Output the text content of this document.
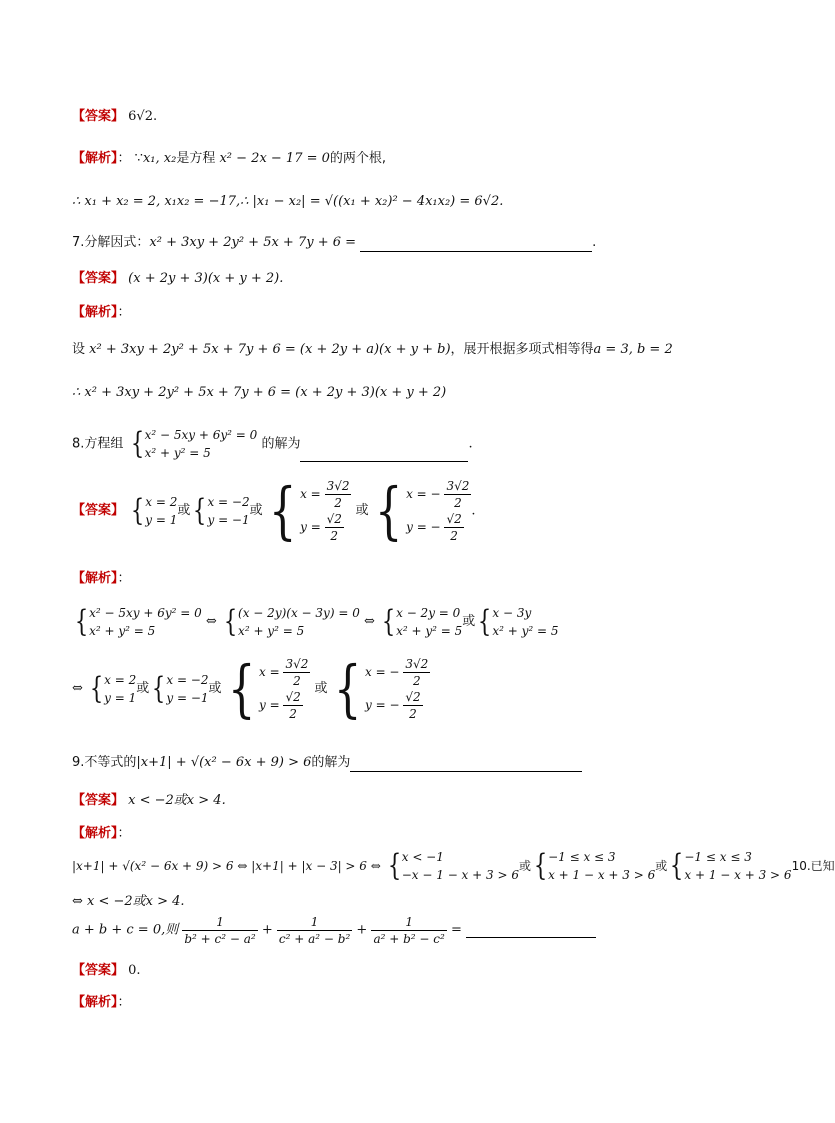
【答案】 6√2.
【解析】： ∵x₁, x₂是方程 x² − 2x − 17 = 0的两个根,
∴ x₁ + x₂ = 2, x₁x₂ = −17,∴ |x₁ − x₂| = √((x₁ + x₂)² − 4x₁x₂) = 6√2.
7.分解因式：x² + 3xy + 2y² + 5x + 7y + 6 =	.
【答案】 (x + 2y + 3)(x + y + 2).
【解析】：
设 x² + 3xy + 2y² + 5x + 7y + 6 = (x + 2y + a)(x + y + b)，展开根据多项式相等得a = 3, b = 2
∴ x² + 3xy + 2y² + 5x + 7y + 6 = (x + 2y + 3)(x + y + 2)
8.方程组 {x² − 5xy + 6y² = 0
x² + y² = 5 的解为	.
【答案】 {x = 2
y = 1或{x = −2
y = −1或{ $x = \frac{3√2}{2}$

$y = \frac{√2}{2}$
或{ x = − $\frac{3√2}{2}$

y = − $\frac{√2}{2}$ .
【解析】：
{x² − 5xy + 6y² = 0
x² + y² = 5 ⇔ {(x − 2y)(x − 3y) = 0
x² + y² = 5 ⇔ {x − 2y = 0
x² + y² = 5或{x − 3y
x² + y² = 5
⇔ {x = 2
y = 1或{x = −2
y = −1或{ $x = \frac{3√2}{2}$

$y = \frac{√2}{2}$
或{ x = − $\frac{3√2}{2}$

y = − $\frac{√2}{2}$
9.不等式的|x+1| + √(x² − 6x + 9) > 6的解为
【答案】 x < −2或x > 4.
【解析】：
|x+1| + √(x² − 6x + 9) > 6 ⇔ |x+1| + |x − 3| > 6 ⇔ {x < −1
−x − 1 − x + 3 > 6或{−1 ≤ x ≤ 3
x + 1 − x + 3 > 6或{−1 ≤ x ≤ 3
x + 1 − x + 3 > 610.已知
⇔ x < −2或x > 4.
a + b + c = 0,则 $\frac{1}{\text{b² + c² − a²}} + \frac{1}{\text{c² + a² − b²}} + \frac{1}{\text{a² + b² − c²}}$ =
【答案】 0.
【解析】：
